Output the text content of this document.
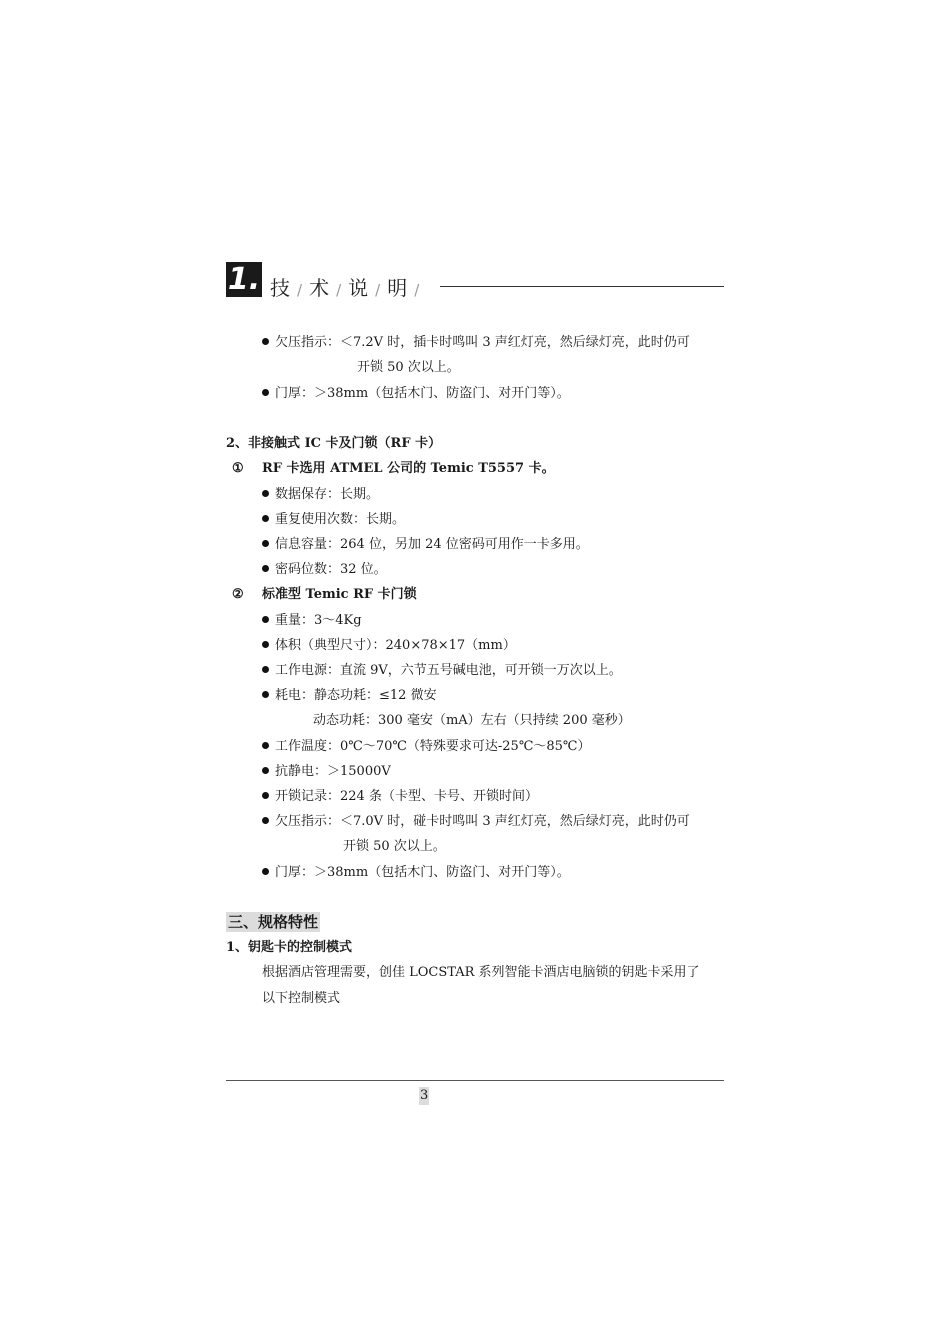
1. 技 / 术 / 说 / 明 /
欠压指示：＜7.2V 时，插卡时鸣叫 3 声红灯亮，然后绿灯亮，此时仍可
开锁 50 次以上。
门厚：＞38mm（包括木门、防盗门、对开门等）。
2、非接触式 IC 卡及门锁（RF 卡）
① RF 卡选用 ATMEL 公司的 Temic T5557 卡。
数据保存：长期。
重复使用次数：长期。
信息容量：264 位，另加 24 位密码可用作一卡多用。
密码位数：32 位。
② 标准型 Temic RF 卡门锁
重量：3～4Kg
体积（典型尺寸）：240×78×17（mm）
工作电源：直流 9V，六节五号碱电池，可开锁一万次以上。
耗电：静态功耗：≤12 微安
动态功耗：300 毫安（mA）左右（只持续 200 毫秒）
工作温度：0℃～70℃（特殊要求可达-25℃～85℃）
抗静电：＞15000V
开锁记录：224 条（卡型、卡号、开锁时间）
欠压指示：＜7.0V 时，碰卡时鸣叫 3 声红灯亮，然后绿灯亮，此时仍可
开锁 50 次以上。
门厚：＞38mm（包括木门、防盗门、对开门等）。
三、规格特性
1、钥匙卡的控制模式
根据酒店管理需要，创佳 LOCSTAR 系列智能卡酒店电脑锁的钥匙卡采用了
以下控制模式
3
